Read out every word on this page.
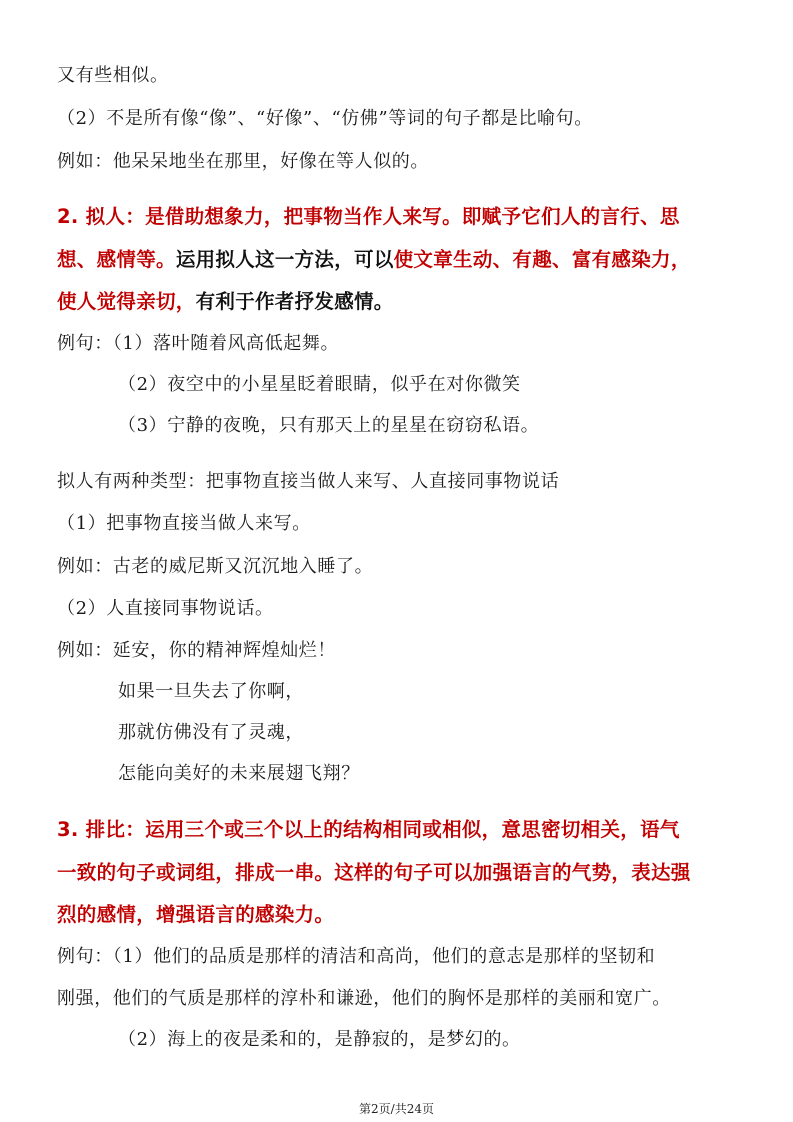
又有些相似。
（2）不是所有像“像”、“好像”、“仿佛”等词的句子都是比喻句。
例如：他呆呆地坐在那里，好像在等人似的。
2. 拟人：是借助想象力，把事物当作人来写。即赋予它们人的言行、思
想、感情等。运用拟人这一方法，可以使文章生动、有趣、富有感染力，
使人觉得亲切，有利于作者抒发感情。
例句：（1）落叶随着风高低起舞。
（2）夜空中的小星星眨着眼睛，似乎在对你微笑
（3）宁静的夜晚，只有那天上的星星在窃窃私语。
拟人有两种类型：把事物直接当做人来写、人直接同事物说话
（1）把事物直接当做人来写。
例如：古老的威尼斯又沉沉地入睡了。
（2）人直接同事物说话。
例如：延安，你的精神辉煌灿烂！
如果一旦失去了你啊，
那就仿佛没有了灵魂，
怎能向美好的未来展翅飞翔？
3. 排比：运用三个或三个以上的结构相同或相似，意思密切相关，语气
一致的句子或词组，排成一串。这样的句子可以加强语言的气势，表达强
烈的感情，增强语言的感染力。
例句：（1）他们的品质是那样的清洁和高尚，他们的意志是那样的坚韧和
刚强，他们的气质是那样的淳朴和谦逊，他们的胸怀是那样的美丽和宽广。
（2）海上的夜是柔和的，是静寂的，是梦幻的。
第2页/共24页
